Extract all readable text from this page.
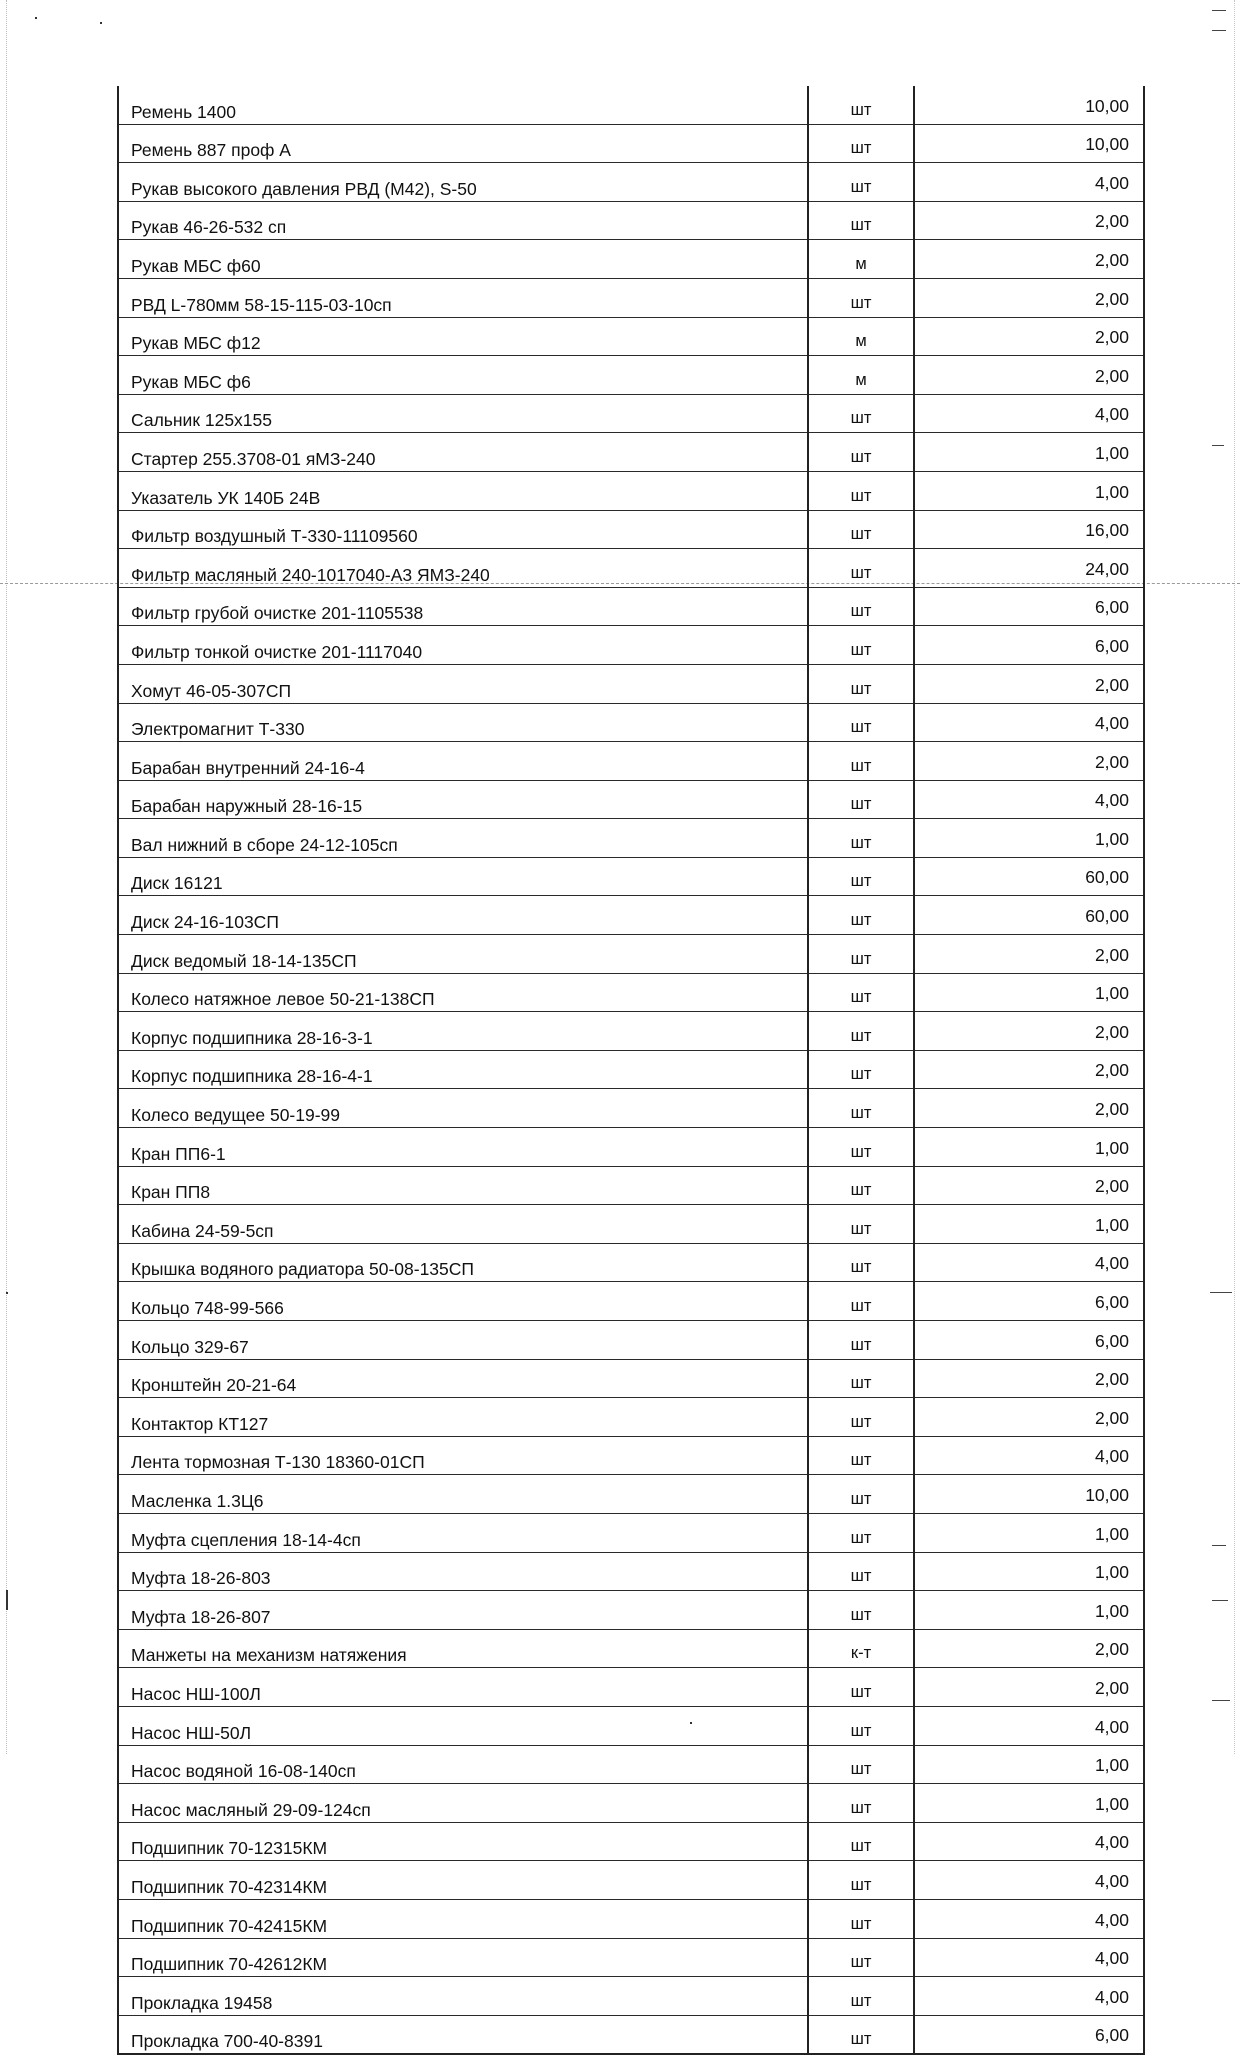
Ремень 1400	шт	10,00
Ремень 887 проф А	шт	10,00
Рукав высокого давления РВД (М42), S-50	шт	4,00
Рукав 46-26-532 сп	шт	2,00
Рукав МБС ф60	м	2,00
РВД L-780мм 58-15-115-03-10сп	шт	2,00
Рукав МБС ф12	м	2,00
Рукав МБС ф6	м	2,00
Сальник 125х155	шт	4,00
Стартер 255.3708-01 яМЗ-240	шт	1,00
Указатель УК 140Б 24В	шт	1,00
Фильтр воздушный Т-330-11109560	шт	16,00
Фильтр масляный 240-1017040-А3 ЯМЗ-240	шт	24,00
Фильтр грубой очистке 201-1105538	шт	6,00
Фильтр тонкой очистке 201-1117040	шт	6,00
Хомут 46-05-307СП	шт	2,00
Электромагнит Т-330	шт	4,00
Барабан внутренний 24-16-4	шт	2,00
Барабан наружный 28-16-15	шт	4,00
Вал нижний в сборе 24-12-105сп	шт	1,00
Диск 16121	шт	60,00
Диск 24-16-103СП	шт	60,00
Диск ведомый 18-14-135СП	шт	2,00
Колесо натяжное левое 50-21-138СП	шт	1,00
Корпус подшипника 28-16-3-1	шт	2,00
Корпус подшипника 28-16-4-1	шт	2,00
Колесо ведущее 50-19-99	шт	2,00
Кран ПП6-1	шт	1,00
Кран ПП8	шт	2,00
Кабина 24-59-5сп	шт	1,00
Крышка водяного радиатора 50-08-135СП	шт	4,00
Кольцо 748-99-566	шт	6,00
Кольцо 329-67	шт	6,00
Кронштейн 20-21-64	шт	2,00
Контактор КТ127	шт	2,00
Лента тормозная Т-130 18360-01СП	шт	4,00
Масленка 1.3Ц6	шт	10,00
Муфта сцепления 18-14-4сп	шт	1,00
Муфта 18-26-803	шт	1,00
Муфта 18-26-807	шт	1,00
Манжеты на механизм натяжения	к-т	2,00
Насос НШ-100Л	шт	2,00
Насос НШ-50Л	шт	4,00
Насос водяной 16-08-140сп	шт	1,00
Насос масляный 29-09-124сп	шт	1,00
Подшипник 70-12315КМ	шт	4,00
Подшипник 70-42314КМ	шт	4,00
Подшипник 70-42415КМ	шт	4,00
Подшипник 70-42612КМ	шт	4,00
Прокладка 19458	шт	4,00
Прокладка 700-40-8391	шт	6,00
